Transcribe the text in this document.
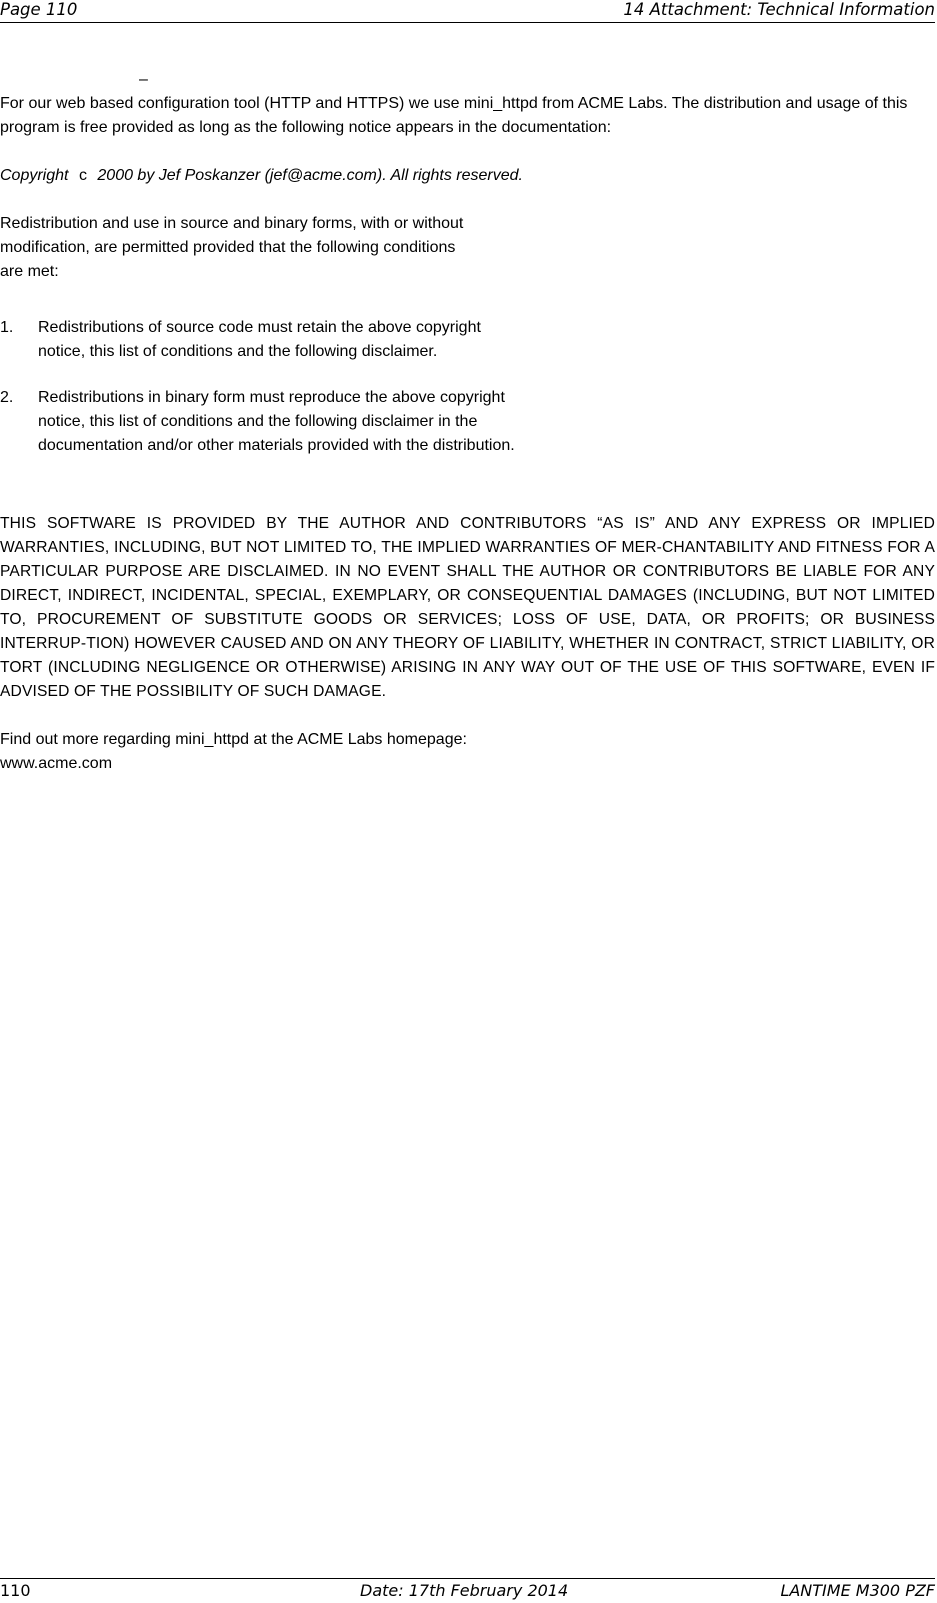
Page 110	14 Attachment: Technical Information
–

For our web based configuration tool (HTTP and HTTPS) we use mini_httpd from ACME Labs. The distribution and usage of this program is free provided as long as the following notice appears in the documentation:

Copyright c 2000 by Jef Poskanzer (jef@acme.com). All rights reserved.

Redistribution and use in source and binary forms, with or without
modification, are permitted provided that the following conditions
are met:
1.	Redistributions of source code must retain the above copyright
notice, this list of conditions and the following disclaimer.
2.	Redistributions in binary form must reproduce the above copyright
notice, this list of conditions and the following disclaimer in the
documentation and/or other materials provided with the distribution.

THIS SOFTWARE IS PROVIDED BY THE AUTHOR AND CONTRIBUTORS “AS IS” AND ANY EXPRESS OR IMPLIED WARRANTIES, INCLUDING, BUT NOT LIMITED TO, THE IMPLIED WARRANTIES OF MER-CHANTABILITY AND FITNESS FOR A PARTICULAR PURPOSE ARE DISCLAIMED. IN NO EVENT SHALL THE AUTHOR OR CONTRIBUTORS BE LIABLE FOR ANY DIRECT, INDIRECT, INCIDENTAL, SPECIAL, EXEMPLARY, OR CONSEQUENTIAL DAMAGES (INCLUDING, BUT NOT LIMITED TO, PROCUREMENT OF SUBSTITUTE GOODS OR SERVICES; LOSS OF USE, DATA, OR PROFITS; OR BUSINESS INTERRUP-TION) HOWEVER CAUSED AND ON ANY THEORY OF LIABILITY, WHETHER IN CONTRACT, STRICT LIABILITY, OR TORT (INCLUDING NEGLIGENCE OR OTHERWISE) ARISING IN ANY WAY OUT OF THE USE OF THIS SOFTWARE, EVEN IF ADVISED OF THE POSSIBILITY OF SUCH DAMAGE.

Find out more regarding mini_httpd at the ACME Labs homepage:
www.acme.com
110	Date: 17th February 2014	LANTIME M300 PZF
